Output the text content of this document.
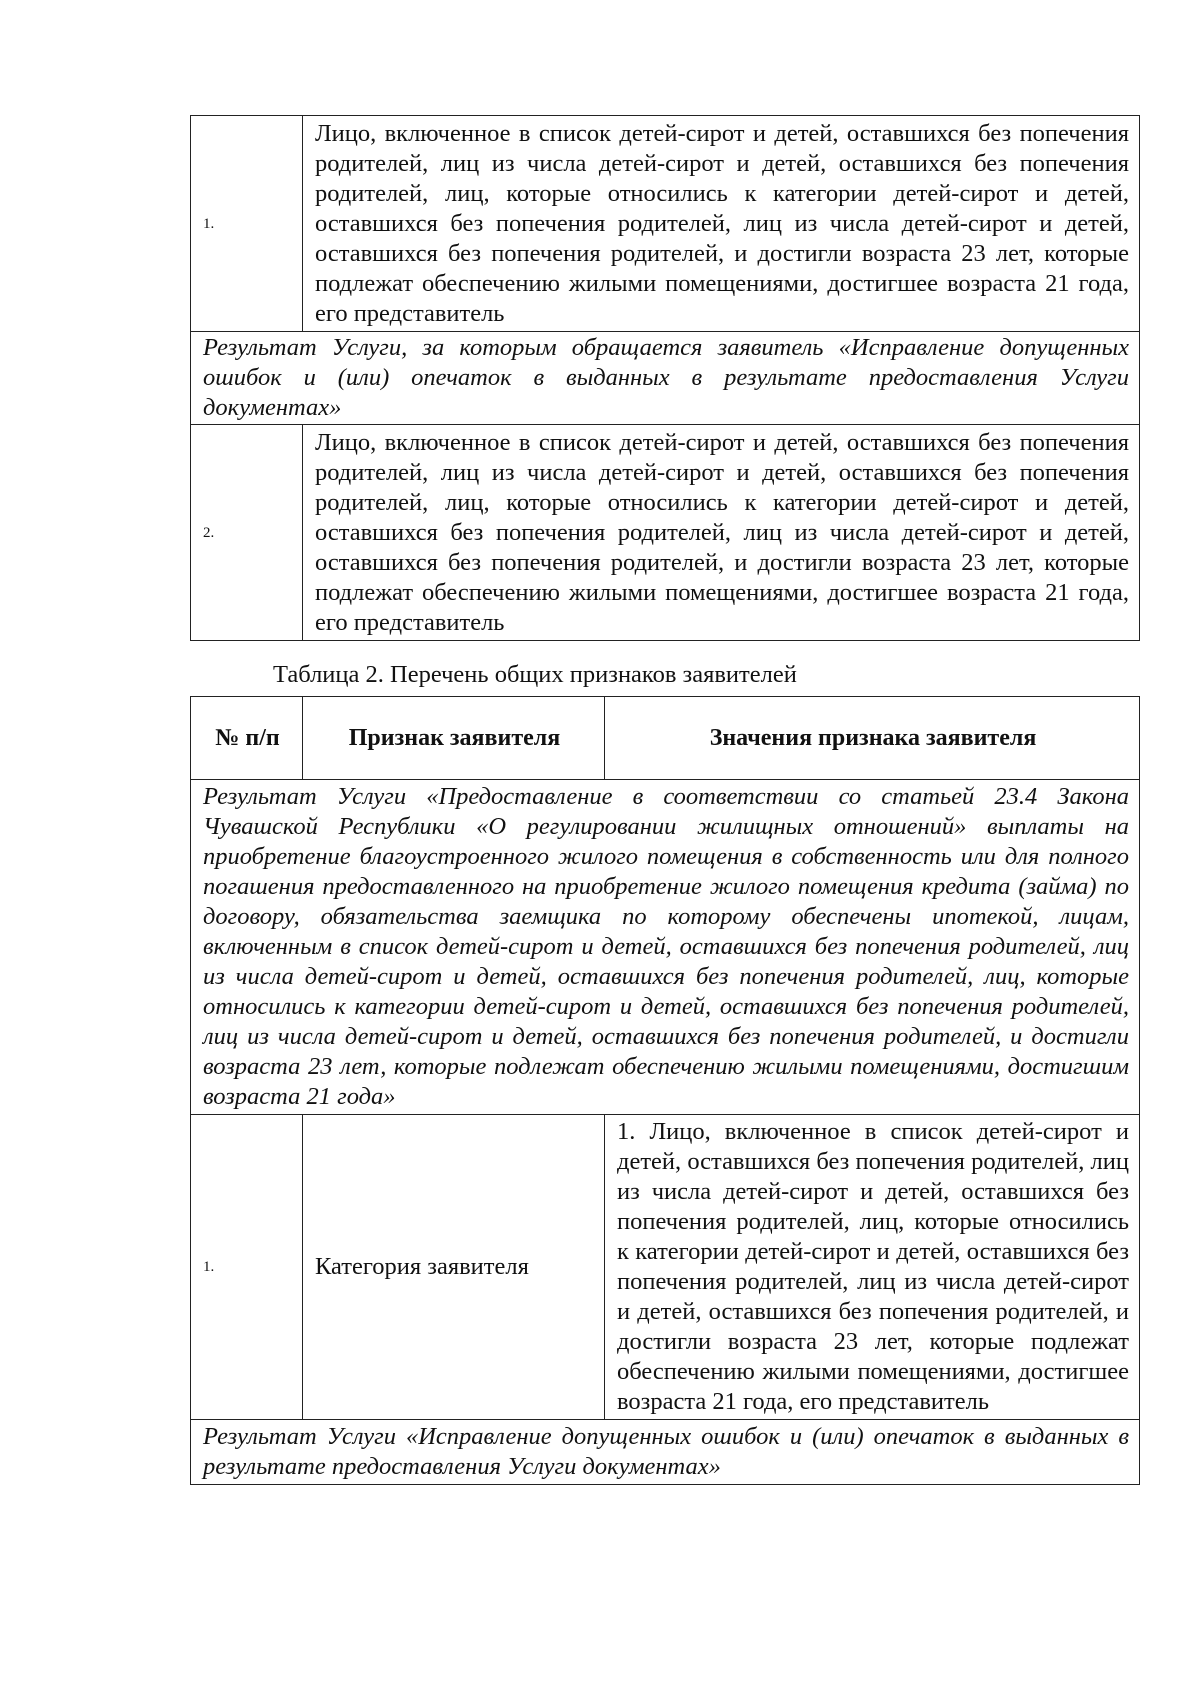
1.	Лицо, включенное в список детей-сирот и детей, оставшихся без попечения родителей, лиц из числа детей-сирот и детей, оставшихся без попечения родителей, лиц, которые относились к категории детей-сирот и детей, оставшихся без попечения родителей, лиц из числа детей-сирот и детей, оставшихся без попечения родителей, и достигли возраста 23 лет, которые подлежат обеспечению жилыми помещениями, достигшее возраста 21 года, его представитель
Результат Услуги, за которым обращается заявитель «Исправление допущенных ошибок и (или) опечаток в выданных в результате предоставления Услуги документах»	
2.	Лицо, включенное в список детей-сирот и детей, оставшихся без попечения родителей, лиц из числа детей-сирот и детей, оставшихся без попечения родителей, лиц, которые относились к категории детей-сирот и детей, оставшихся без попечения родителей, лиц из числа детей-сирот и детей, оставшихся без попечения родителей, и достигли возраста 23 лет, которые подлежат обеспечению жилыми помещениями, достигшее возраста 21 года, его представитель

Таблица 2. Перечень общих признаков заявителей

№ п/п	Признак заявителя	Значения признака заявителя
Результат Услуги «Предоставление в соответствии со статьей 23.4 Закона Чувашской Республики «О регулировании жилищных отношений» выплаты на приобретение благоустроенного жилого помещения в собственность или для полного погашения предоставленного на приобретение жилого помещения кредита (займа) по договору, обязательства заемщика по которому обеспечены ипотекой, лицам, включенным в список детей-сирот и детей, оставшихся без попечения родителей, лиц из числа детей-сирот и детей, оставшихся без попечения родителей, лиц, которые относились к категории детей-сирот и детей, оставшихся без попечения родителей, лиц из числа детей-сирот и детей, оставшихся без попечения родителей, и достигли возраста 23 лет, которые подлежат обеспечению жилыми помещениями, достигшим возраста 21 года»		
1.	Категория заявителя	1. Лицо, включенное в список детей-сирот и детей, оставшихся без попечения родителей, лиц из числа детей-сирот и детей, оставшихся без попечения родителей, лиц, которые относились к категории детей-сирот и детей, оставшихся без попечения родителей, лиц из числа детей-сирот и детей, оставшихся без попечения родителей, и достигли возраста 23 лет, которые подлежат обеспечению жилыми помещениями, достигшее возраста 21 года, его представитель
Результат Услуги «Исправление допущенных ошибок и (или) опечаток в выданных в результате предоставления Услуги документах»		
